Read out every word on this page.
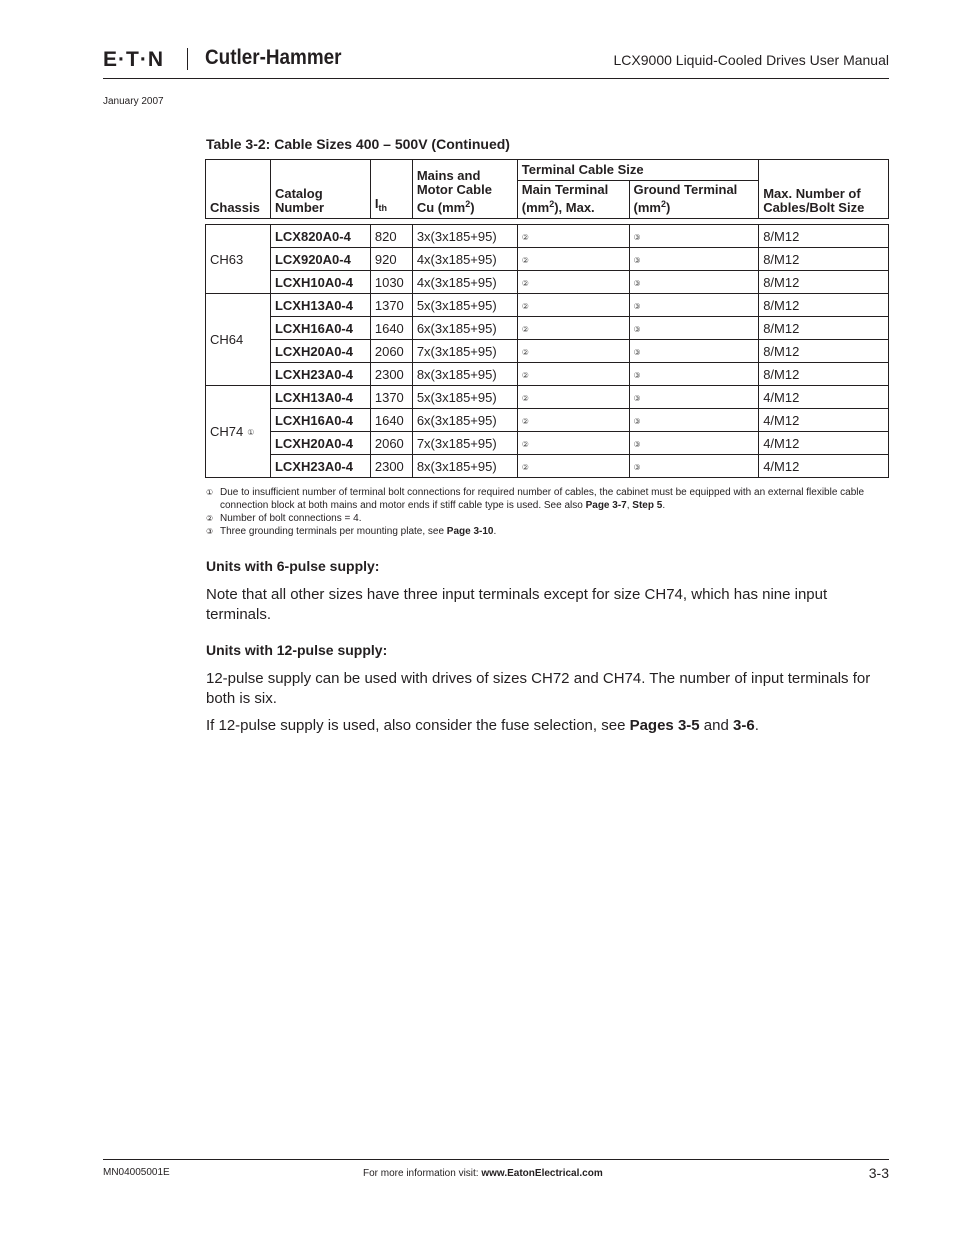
E·T·N Cutler-Hammer	LCX9000 Liquid-Cooled Drives User Manual
January 2007
Table 3-2: Cable Sizes 400 – 500V (Continued)
Chassis	Catalog Number	$I_{th}$	Mains and Motor Cable Cu $(mm^2)$	Terminal Cable Size		Max. Number of Cables/Bolt Size
				Main Terminal $(mm^2)$, Max.	Ground Terminal $(mm^2)$	

CH63	LCX820A0-4	820	3x(3x185+95)	②	③	8/M12
	LCX920A0-4	920	4x(3x185+95)	②	③	8/M12
	LCXH10A0-4	1030	4x(3x185+95)	②	③	8/M12
CH64	LCXH13A0-4	1370	5x(3x185+95)	②	③	8/M12
	LCXH16A0-4	1640	6x(3x185+95)	②	③	8/M12
	LCXH20A0-4	2060	7x(3x185+95)	②	③	8/M12
	LCXH23A0-4	2300	8x(3x185+95)	②	③	8/M12
CH74 ①	LCXH13A0-4	1370	5x(3x185+95)	②	③	4/M12
	LCXH16A0-4	1640	6x(3x185+95)	②	③	4/M12
	LCXH20A0-4	2060	7x(3x185+95)	②	③	4/M12
	LCXH23A0-4	2300	8x(3x185+95)	②	③	4/M12
① Due to insufficient number of terminal bolt connections for required number of cables, the cabinet must be equipped with an external flexible cable connection block at both mains and motor ends if stiff cable type is used. See also Page 3-7, Step 5.
② Number of bolt connections = 4.
③ Three grounding terminals per mounting plate, see Page 3-10.
Units with 6-pulse supply:
Note that all other sizes have three input terminals except for size CH74, which has nine input terminals.
Units with 12-pulse supply:
12-pulse supply can be used with drives of sizes CH72 and CH74. The number of input terminals for both is six.
If 12-pulse supply is used, also consider the fuse selection, see Pages 3-5 and 3-6.
MN04005001E	For more information visit: www.EatonElectrical.com	3-3
